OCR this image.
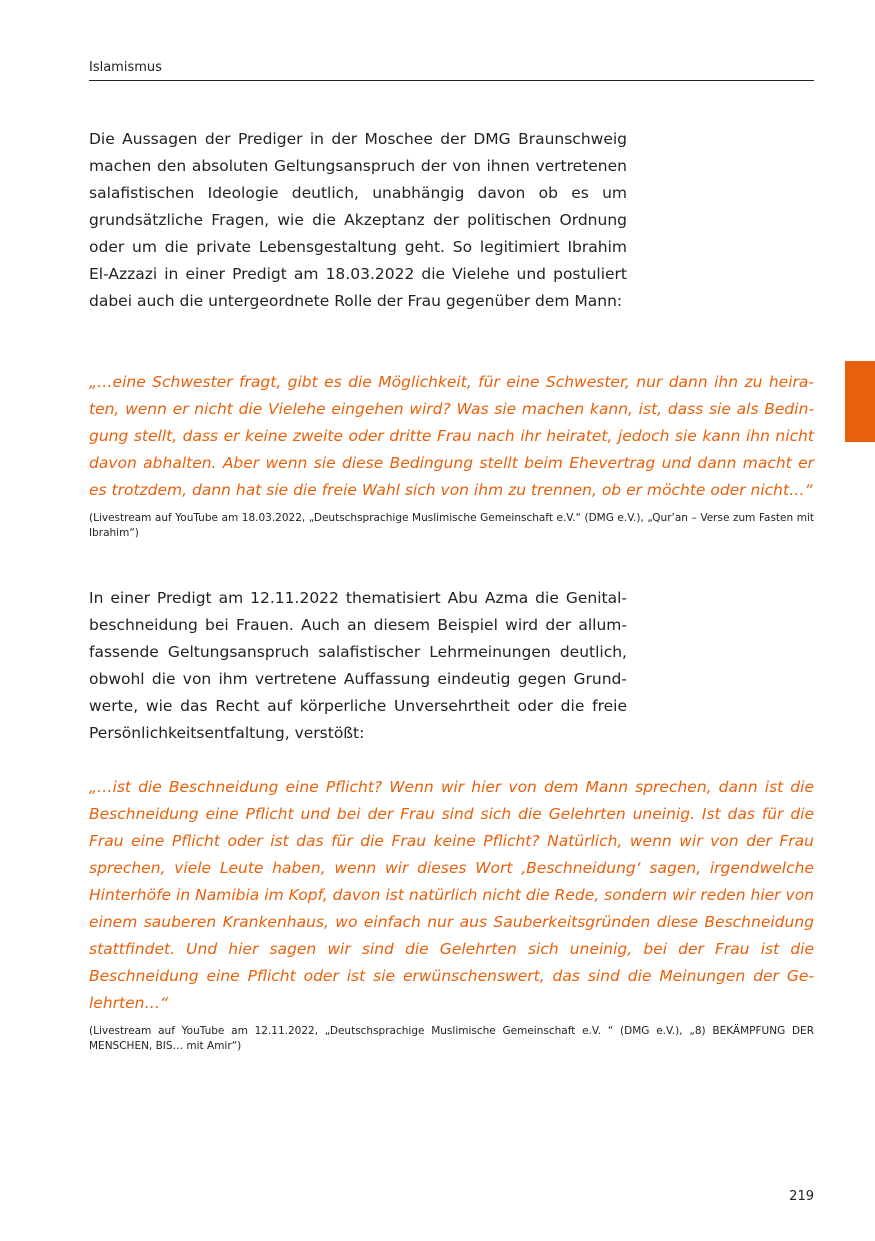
Islamismus

Die Aussagen der Prediger in der Moschee der DMG Braunschweig machen den absoluten Geltungsanspruch der von ihnen vertretenen salafistischen Ideologie deutlich, unabhängig davon ob es um grundsätzliche Fragen, wie die Akzeptanz der politischen Ordnung oder um die private Lebensgestaltung geht. So legitimiert Ibrahim El-Azzazi in einer Predigt am 18.03.2022 die Vielehe und postuliert dabei auch die untergeordnete Rolle der Frau gegenüber dem Mann:

„…eine Schwester fragt, gibt es die Möglichkeit, für eine Schwester, nur dann ihn zu heiraten, wenn er nicht die Vielehe eingehen wird? Was sie machen kann, ist, dass sie als Bedingung stellt, dass er keine zweite oder dritte Frau nach ihr heiratet, jedoch sie kann ihn nicht davon abhalten. Aber wenn sie diese Bedingung stellt beim Ehevertrag und dann macht er es trotzdem, dann hat sie die freie Wahl sich von ihm zu trennen, ob er möchte oder nicht…“

(Livestream auf YouTube am 18.03.2022, „Deutschsprachige Muslimische Gemeinschaft e.V.“ (DMG e.V.), „Qur’an – Verse zum Fasten mit Ibrahim“)

In einer Predigt am 12.11.2022 thematisiert Abu Azma die Genitalbeschneidung bei Frauen. Auch an diesem Beispiel wird der allumfassende Geltungsanspruch salafistischer Lehrmeinungen deutlich, obwohl die von ihm vertretene Auffassung eindeutig gegen Grundwerte, wie das Recht auf körperliche Unversehrtheit oder die freie Persönlichkeitsentfaltung, verstößt:

„…ist die Beschneidung eine Pflicht? Wenn wir hier von dem Mann sprechen, dann ist die Beschneidung eine Pflicht und bei der Frau sind sich die Gelehrten uneinig. Ist das für die Frau eine Pflicht oder ist das für die Frau keine Pflicht? Natürlich, wenn wir von der Frau sprechen, viele Leute haben, wenn wir dieses Wort ‚Beschneidung‘ sagen, irgendwelche Hinterhöfe in Namibia im Kopf, davon ist natürlich nicht die Rede, sondern wir reden hier von einem sauberen Krankenhaus, wo einfach nur aus Sauberkeitsgründen diese Beschneidung stattfindet. Und hier sagen wir sind die Gelehrten sich uneinig, bei der Frau ist die Beschneidung eine Pflicht oder ist sie erwünschenswert, das sind die Meinungen der Gelehrten…“

(Livestream auf YouTube am 12.11.2022, „Deutschsprachige Muslimische Gemeinschaft e.V. “ (DMG e.V.), „8) BEKÄMPFUNG DER MENSCHEN, BIS… mit Amir“)

219
